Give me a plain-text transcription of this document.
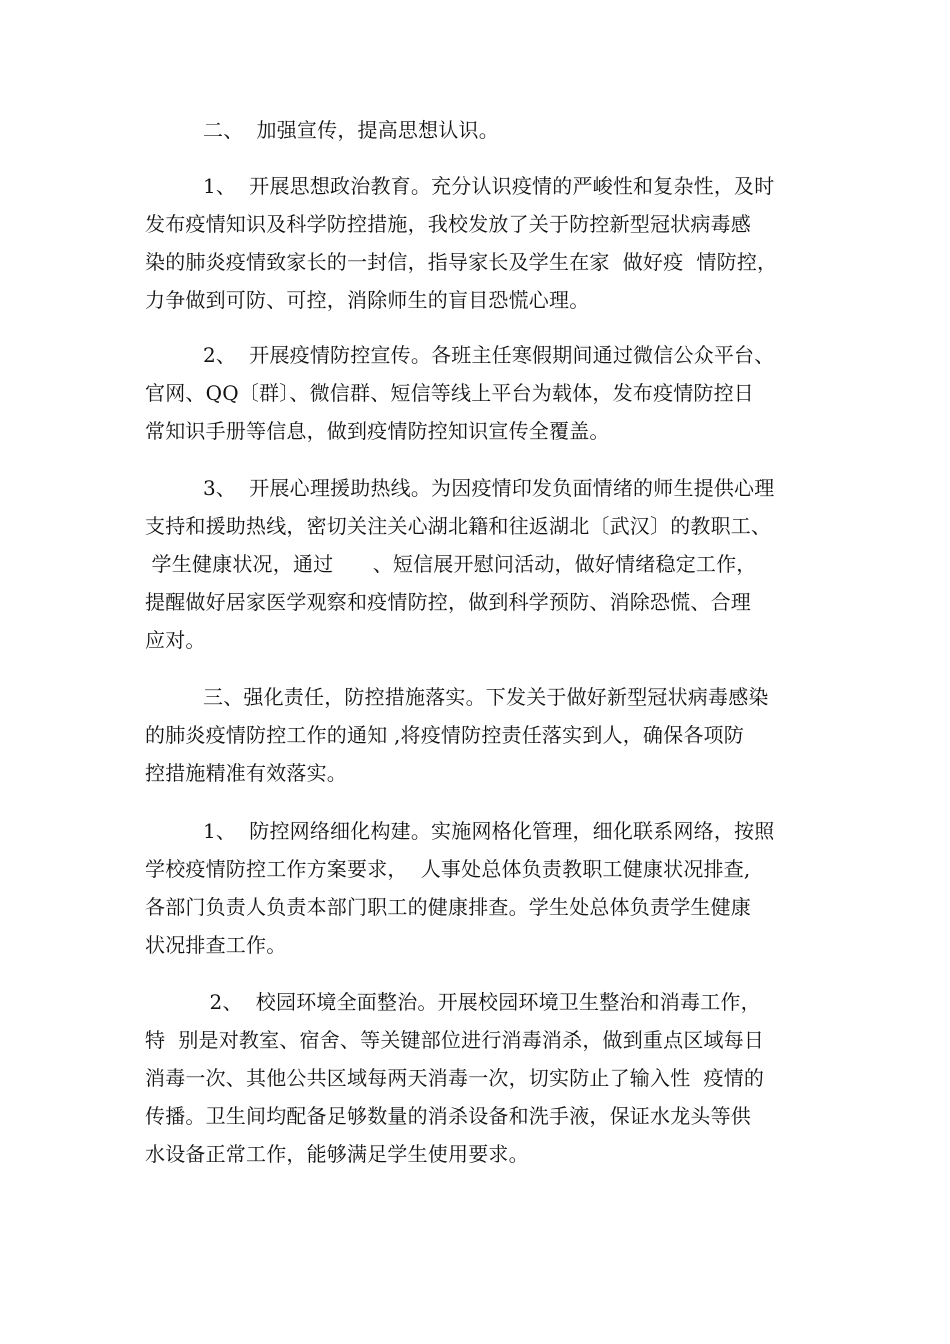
二、  加强宣传，提高思想认识。
1、  开展思想政治教育。充分认识疫情的严峻性和复杂性，及时
发布疫情知识及科学防控措施，我校发放了关于防控新型冠状病毒感
染的肺炎疫情致家长的一封信，指导家长及学生在家  做好疫  情防控，
力争做到可防、可控，消除师生的盲目恐慌心理。
2、  开展疫情防控宣传。各班主任寒假期间通过微信公众平台、
官网、QQ〔群〕、微信群、短信等线上平台为载体，发布疫情防控日
常知识手册等信息，做到疫情防控知识宣传全覆盖。
3、  开展心理援助热线。为因疫情印发负面情绪的师生提供心理
支持和援助热线，密切关注关心湖北籍和往返湖北〔武汉〕的教职工、
学生健康状况，通过      、短信展开慰问活动，做好情绪稳定工作，
提醒做好居家医学观察和疫情防控，做到科学预防、消除恐慌、合理
应对。
三、强化责任，防控措施落实。下发关于做好新型冠状病毒感染
的肺炎疫情防控工作的通知 ,将疫情防控责任落实到人，确保各项防
控措施精准有效落实。
1、  防控网络细化构建。实施网格化管理，细化联系网络，按照
学校疫情防控工作方案要求，  人事处总体负责教职工健康状况排查,
各部门负责人负责本部门职工的健康排查。学生处总体负责学生健康
状况排查工作。
2、  校园环境全面整治。开展校园环境卫生整治和消毒工作，
特  别是对教室、宿舍、等关键部位进行消毒消杀，做到重点区域每日
消毒一次、其他公共区域每两天消毒一次，切实防止了输入性  疫情的
传播。卫生间均配备足够数量的消杀设备和洗手液，保证水龙头等供
水设备正常工作，能够满足学生使用要求。
